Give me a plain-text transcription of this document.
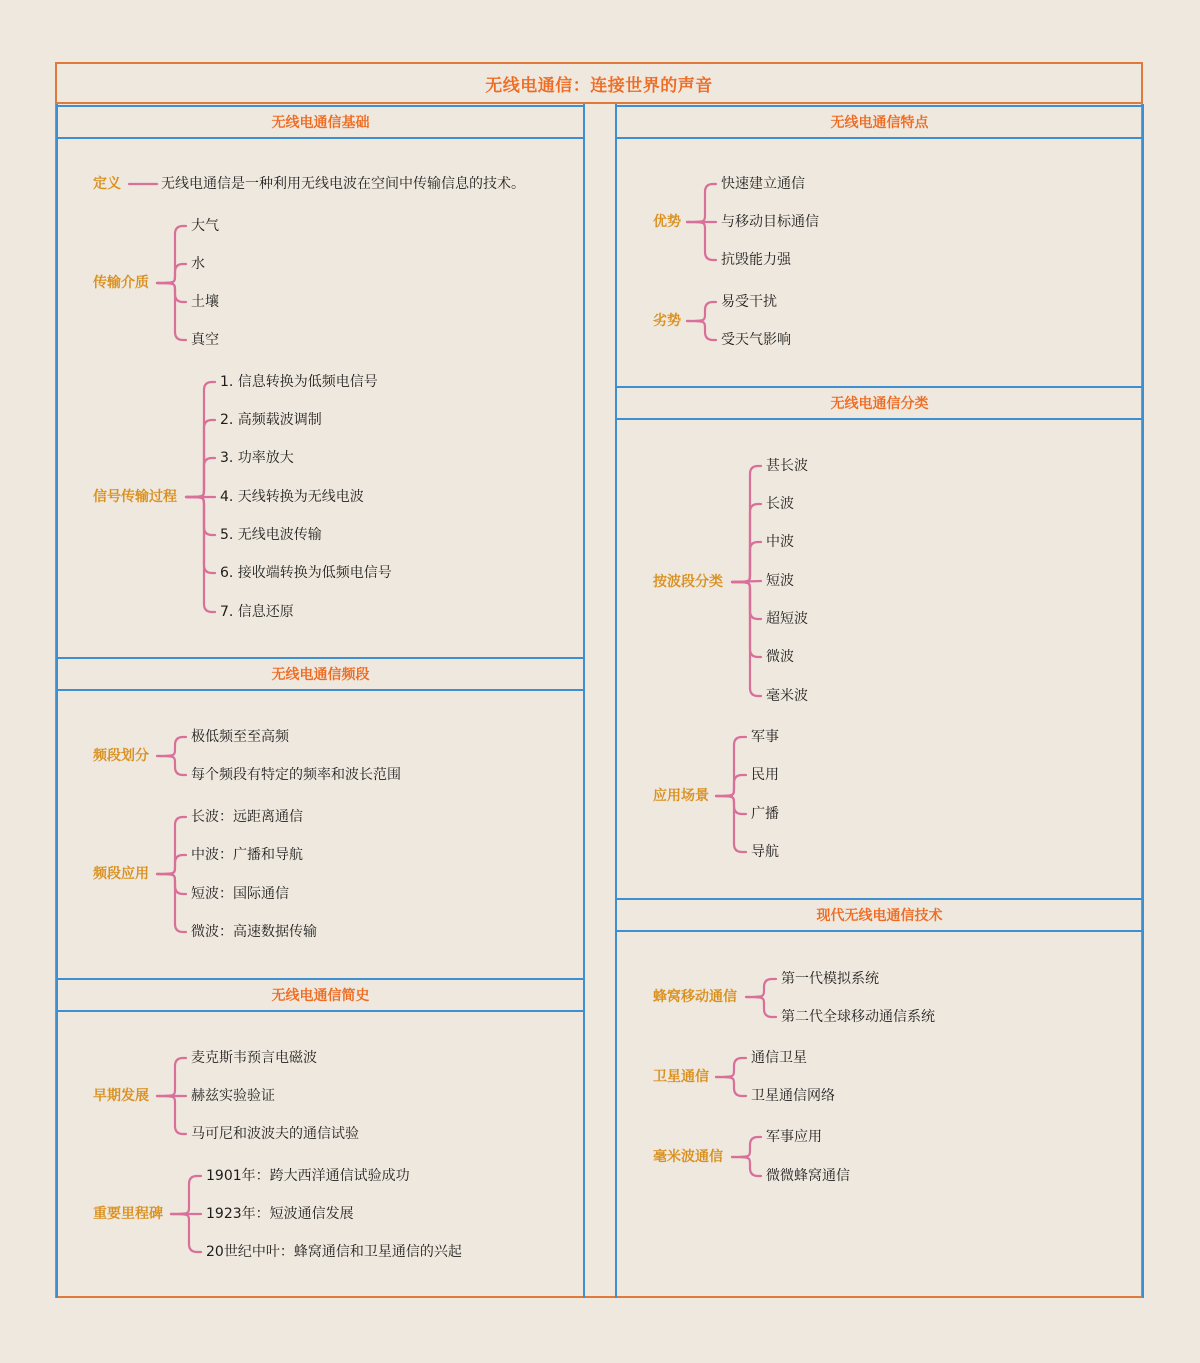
无线电通信：连接世界的声音
无线电通信基础
无线电通信频段
无线电通信简史
无线电通信特点
无线电通信分类
现代无线电通信技术
定义	无线电通信是一种利用无线电波在空间中传输信息的技术。
传输介质
大气
水
土壤
真空
信号传输过程
1. 信息转换为低频电信号
2. 高频载波调制
3. 功率放大
4. 天线转换为无线电波
5. 无线电波传输
6. 接收端转换为低频电信号
7. 信息还原
频段划分
极低频至至高频
每个频段有特定的频率和波长范围
频段应用
长波：远距离通信
中波：广播和导航
短波：国际通信
微波：高速数据传输
早期发展
麦克斯韦预言电磁波
赫兹实验验证
马可尼和波波夫的通信试验
重要里程碑
1901年：跨大西洋通信试验成功
1923年：短波通信发展
20世纪中叶：蜂窝通信和卫星通信的兴起
优势
快速建立通信
与移动目标通信
抗毁能力强
劣势
易受干扰
受天气影响
按波段分类
甚长波
长波
中波
短波
超短波
微波
毫米波
应用场景
军事
民用
广播
导航
蜂窝移动通信
第一代模拟系统
第二代全球移动通信系统
卫星通信
通信卫星
卫星通信网络
毫米波通信
军事应用
微微蜂窝通信
